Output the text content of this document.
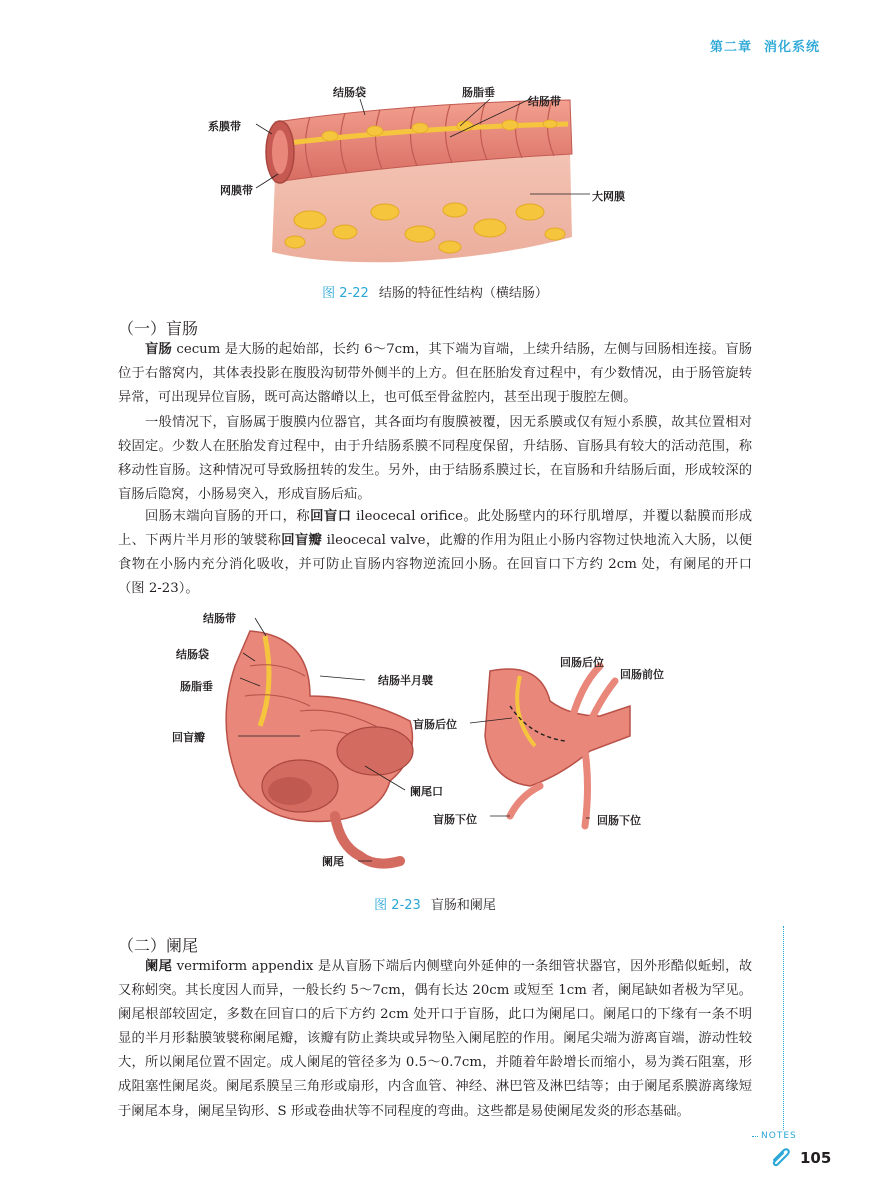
第二章 消化系统
结肠袋	肠脂垂
结肠带
系膜带
网膜带	大网膜
图 2-22 结肠的特征性结构（横结肠）
（一）盲肠

盲肠 cecum 是大肠的起始部，长约 6～7cm，其下端为盲端，上续升结肠，左侧与回肠相连接。盲肠位于右髂窝内，其体表投影在腹股沟韧带外侧半的上方。但在胚胎发育过程中，有少数情况，由于肠管旋转异常，可出现异位盲肠，既可高达髂嵴以上，也可低至骨盆腔内，甚至出现于腹腔左侧。

一般情况下，盲肠属于腹膜内位器官，其各面均有腹膜被覆，因无系膜或仅有短小系膜，故其位置相对较固定。少数人在胚胎发育过程中，由于升结肠系膜不同程度保留，升结肠、盲肠具有较大的活动范围，称移动性盲肠。这种情况可导致肠扭转的发生。另外，由于结肠系膜过长，在盲肠和升结肠后面，形成较深的盲肠后隐窝，小肠易突入，形成盲肠后疝。

回肠末端向盲肠的开口，称回盲口 ileocecal orifice。此处肠壁内的环行肌增厚，并覆以黏膜而形成上、下两片半月形的皱襞称回盲瓣 ileocecal valve，此瓣的作用为阻止小肠内容物过快地流入大肠，以便食物在小肠内充分消化吸收，并可防止盲肠内容物逆流回小肠。在回盲口下方约 2cm 处，有阑尾的开口（图 2-23）。

结肠带
结肠袋
肠脂垂	结肠半月襞
回盲瓣
阑尾口
阑尾
回肠后位
回肠前位
盲肠后位
盲肠下位	回肠下位
图 2-23 盲肠和阑尾
（二）阑尾

阑尾 vermiform appendix 是从盲肠下端后内侧壁向外延伸的一条细管状器官，因外形酷似蚯蚓，故又称蚓突。其长度因人而异，一般长约 5～7cm，偶有长达 20cm 或短至 1cm 者，阑尾缺如者极为罕见。阑尾根部较固定，多数在回盲口的后下方约 2cm 处开口于盲肠，此口为阑尾口。阑尾口的下缘有一条不明显的半月形黏膜皱襞称阑尾瓣，该瓣有防止粪块或异物坠入阑尾腔的作用。阑尾尖端为游离盲端，游动性较大，所以阑尾位置不固定。成人阑尾的管径多为 0.5～0.7cm，并随着年龄增长而缩小，易为粪石阻塞，形成阻塞性阑尾炎。阑尾系膜呈三角形或扇形，内含血管、神经、淋巴管及淋巴结等；由于阑尾系膜游离缘短于阑尾本身，阑尾呈钩形、S 形或卷曲状等不同程度的弯曲。这些都是易使阑尾发炎的形态基础。

NOTES
105
